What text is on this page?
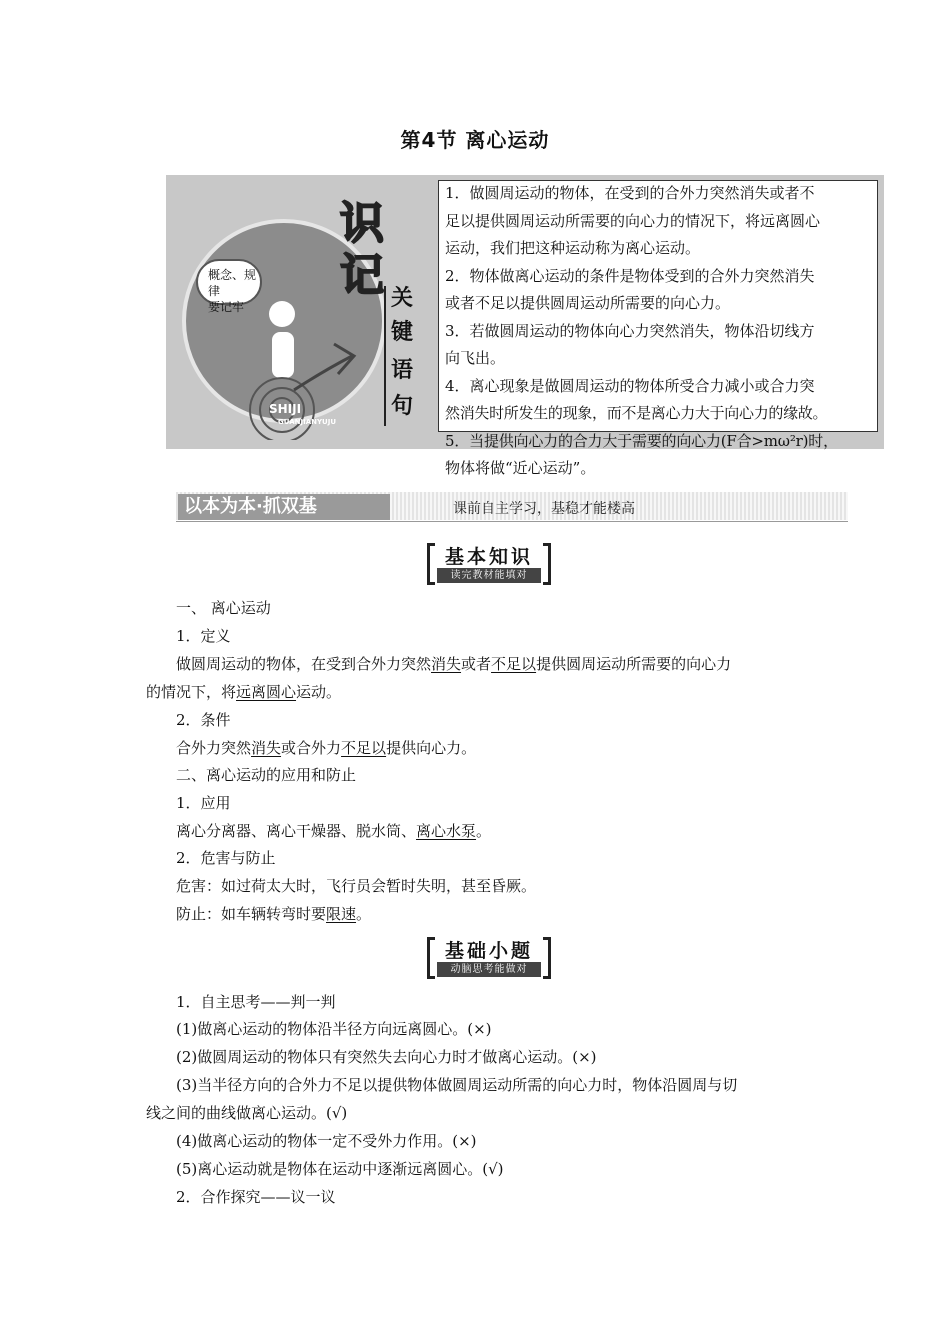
第4节 离心运动
概念、规律
要记牢
识
记 关
键
语
句
SHIJI
GUANJIANYUJU
1．做圆周运动的物体，在受到的合外力突然消失或者不
足以提供圆周运动所需要的向心力的情况下，将远离圆心
运动，我们把这种运动称为离心运动。
2．物体做离心运动的条件是物体受到的合外力突然消失
或者不足以提供圆周运动所需要的向心力。
3．若做圆周运动的物体向心力突然消失，物体沿切线方
向飞出。
4．离心现象是做圆周运动的物体所受合力减小或合力突
然消失时所发生的现象，而不是离心力大于向心力的缘故。
5．当提供向心力的合力大于需要的向心力(F合>mω²r)时，
物体将做“近心运动”。
以本为本·抓双基	课前自主学习，基稳才能楼高
基本知识
读完教材能填对
一、 离心运动
1．定义
做圆周运动的物体，在受到合外力突然消失或者不足以提供圆周运动所需要的向心力
的情况下，将远离圆心运动。
2．条件
合外力突然消失或合外力不足以提供向心力。
二、离心运动的应用和防止
1．应用
离心分离器、离心干燥器、脱水筒、离心水泵。
2．危害与防止
危害：如过荷太大时，飞行员会暂时失明，甚至昏厥。
防止：如车辆转弯时要限速。
基础小题
动脑思考能做对
1．自主思考——判一判
(1)做离心运动的物体沿半径方向远离圆心。(×)
(2)做圆周运动的物体只有突然失去向心力时才做离心运动。(×)
(3)当半径方向的合外力不足以提供物体做圆周运动所需的向心力时，物体沿圆周与切
线之间的曲线做离心运动。(√)
(4)做离心运动的物体一定不受外力作用。(×)
(5)离心运动就是物体在运动中逐渐远离圆心。(√)
2．合作探究——议一议
